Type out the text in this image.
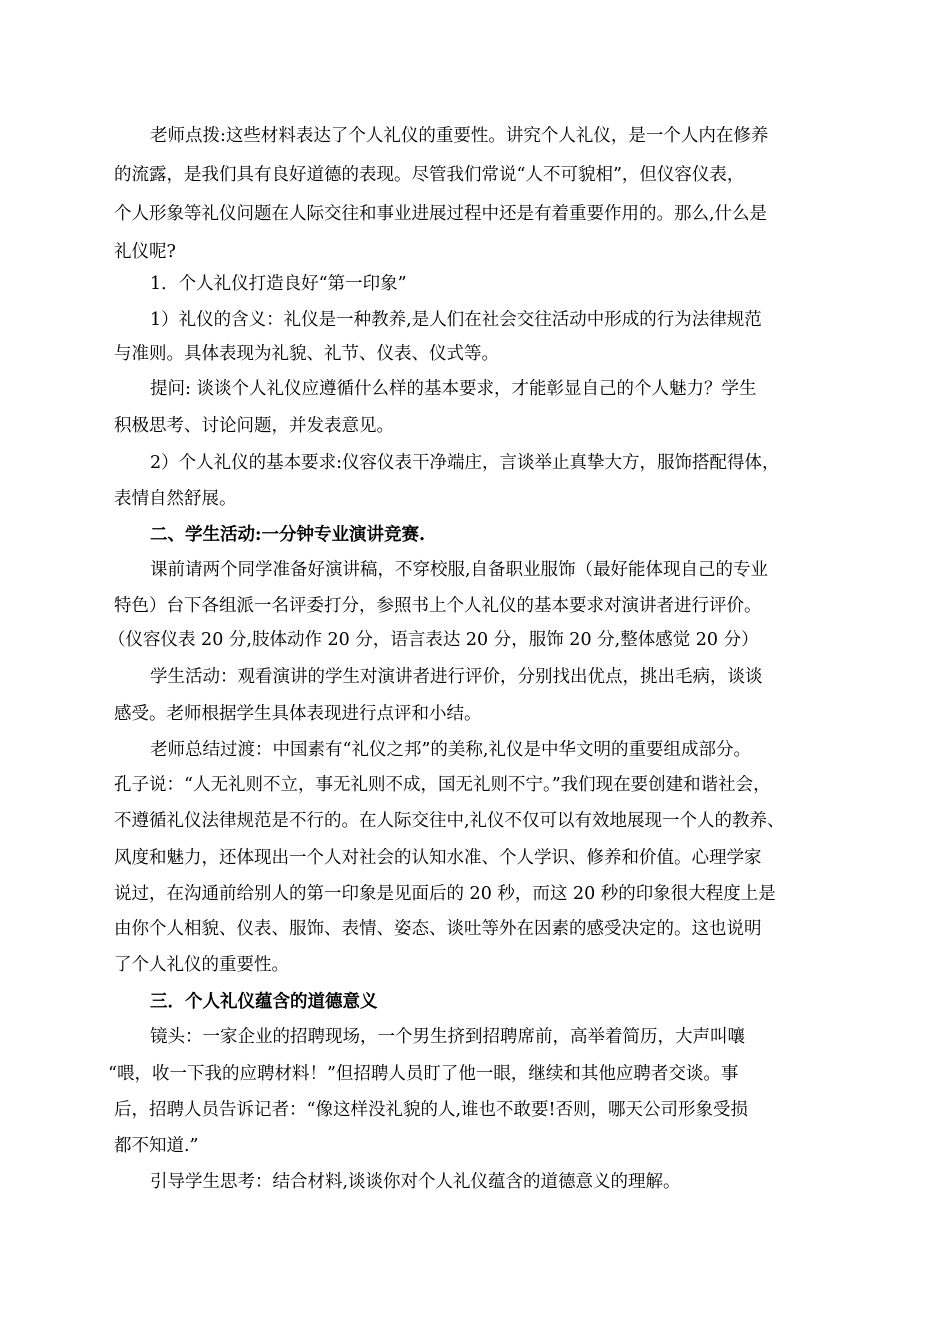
老师点拨:这些材料表达了个人礼仪的重要性。讲究个人礼仪，是一个人内在修养
的流露，是我们具有良好道德的表现。尽管我们常说“人不可貌相”，但仪容仪表，
个人形象等礼仪问题在人际交往和事业进展过程中还是有着重要作用的。那么,什么是
礼仪呢?
1．个人礼仪打造良好“第一印象”
1）礼仪的含义：礼仪是一种教养,是人们在社会交往活动中形成的行为法律规范
与准则。具体表现为礼貌、礼节、仪表、仪式等。
提问: 谈谈个人礼仪应遵循什么样的基本要求，才能彰显自己的个人魅力？学生
积极思考、讨论问题，并发表意见。
2）个人礼仪的基本要求:仪容仪表干净端庄，言谈举止真挚大方，服饰搭配得体，
表情自然舒展。
二、学生活动:一分钟专业演讲竞赛.
课前请两个同学准备好演讲稿，不穿校服,自备职业服饰（最好能体现自己的专业
特色）台下各组派一名评委打分，参照书上个人礼仪的基本要求对演讲者进行评价。
（仪容仪表 20 分,肢体动作 20 分，语言表达 20 分，服饰 20 分,整体感觉 20 分）
学生活动：观看演讲的学生对演讲者进行评价，分别找出优点，挑出毛病，谈谈
感受。老师根据学生具体表现进行点评和小结。
老师总结过渡：中国素有“礼仪之邦”的美称,礼仪是中华文明的重要组成部分。
孔子说：“人无礼则不立，事无礼则不成，国无礼则不宁。”我们现在要创建和谐社会，
不遵循礼仪法律规范是不行的。在人际交往中,礼仪不仅可以有效地展现一个人的教养、
风度和魅力，还体现出一个人对社会的认知水准、个人学识、修养和价值。心理学家
说过，在沟通前给别人的第一印象是见面后的 20 秒，而这 20 秒的印象很大程度上是
由你个人相貌、仪表、服饰、表情、姿态、谈吐等外在因素的感受决定的。这也说明
了个人礼仪的重要性。
三．个人礼仪蕴含的道德意义
镜头：一家企业的招聘现场，一个男生挤到招聘席前，高举着简历，大声叫嚷
“喂，收一下我的应聘材料！”但招聘人员盯了他一眼，继续和其他应聘者交谈。事
后，招聘人员告诉记者：“像这样没礼貌的人,谁也不敢要!否则，哪天公司形象受损
都不知道.”
引导学生思考：结合材料,谈谈你对个人礼仪蕴含的道德意义的理解。
